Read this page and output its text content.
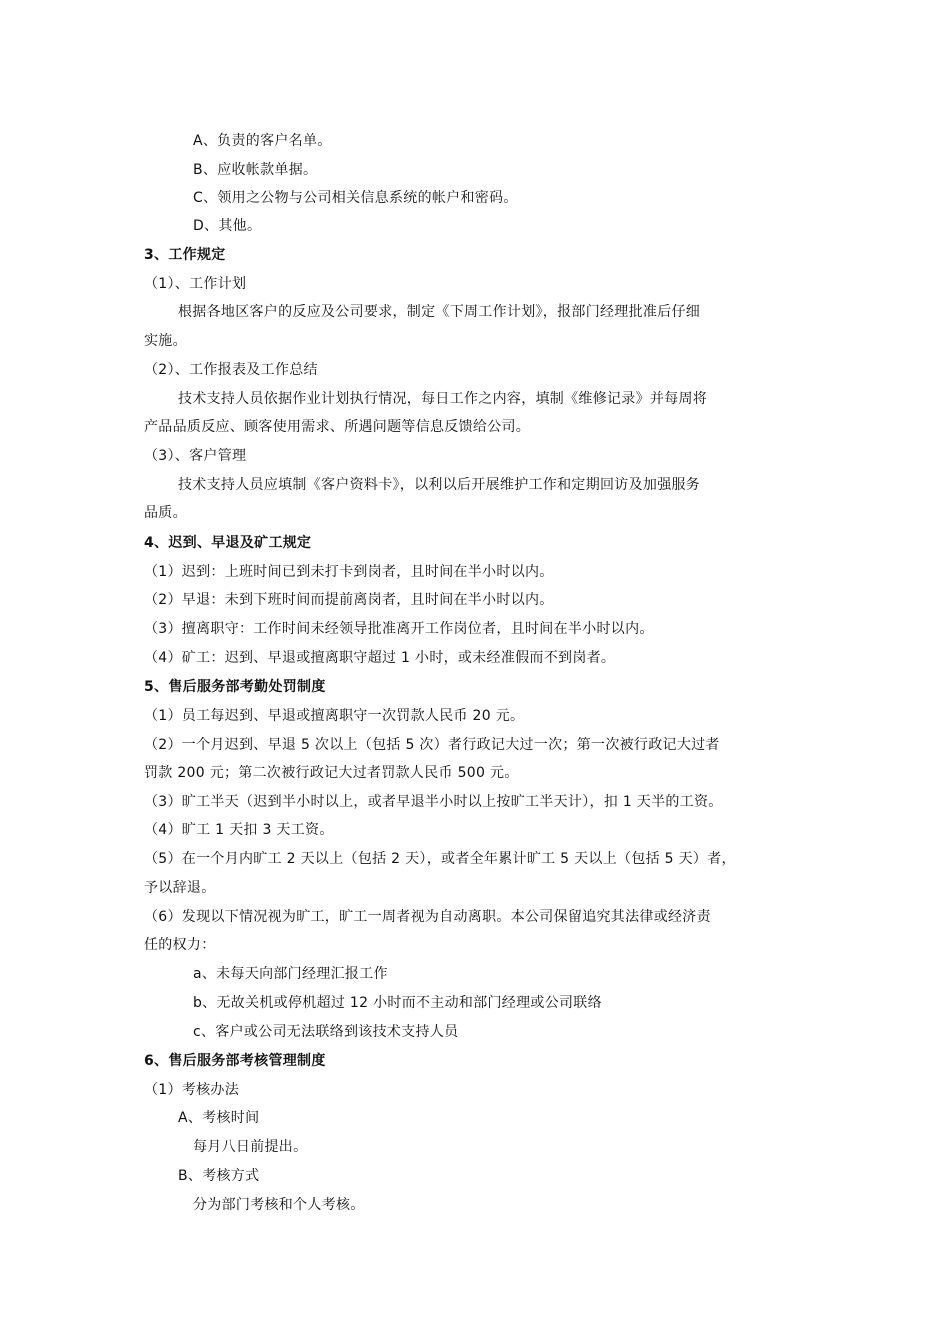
A、负责的客户名单。
B、应收帐款单据。
C、领用之公物与公司相关信息系统的帐户和密码。
D、其他。
3、工作规定
（1）、工作计划
根据各地区客户的反应及公司要求，制定《下周工作计划》，报部门经理批准后仔细
实施。
（2）、工作报表及工作总结
技术支持人员依据作业计划执行情况，每日工作之内容，填制《维修记录》并每周将
产品品质反应、顾客使用需求、所遇问题等信息反馈给公司。
（3）、客户管理
技术支持人员应填制《客户资料卡》，以利以后开展维护工作和定期回访及加强服务
品质。
4、迟到、早退及矿工规定
（1）迟到：上班时间已到未打卡到岗者，且时间在半小时以内。
（2）早退：未到下班时间而提前离岗者，且时间在半小时以内。
（3）擅离职守：工作时间未经领导批准离开工作岗位者，且时间在半小时以内。
（4）矿工：迟到、早退或擅离职守超过 1 小时，或未经准假而不到岗者。
5、售后服务部考勤处罚制度
（1）员工每迟到、早退或擅离职守一次罚款人民币 20 元。
（2）一个月迟到、早退 5 次以上（包括 5 次）者行政记大过一次；第一次被行政记大过者
罚款 200 元；第二次被行政记大过者罚款人民币 500 元。
（3）旷工半天（迟到半小时以上，或者早退半小时以上按旷工半天计），扣 1 天半的工资。
（4）旷工 1 天扣 3 天工资。
（5）在一个月内旷工 2 天以上（包括 2 天），或者全年累计旷工 5 天以上（包括 5 天）者，
予以辞退。
（6）发现以下情况视为旷工，旷工一周者视为自动离职。本公司保留追究其法律或经济责
任的权力：
a、未每天向部门经理汇报工作
b、无故关机或停机超过 12 小时而不主动和部门经理或公司联络
c、客户或公司无法联络到该技术支持人员
6、售后服务部考核管理制度
（1）考核办法
A、考核时间
每月八日前提出。
B、考核方式
分为部门考核和个人考核。
